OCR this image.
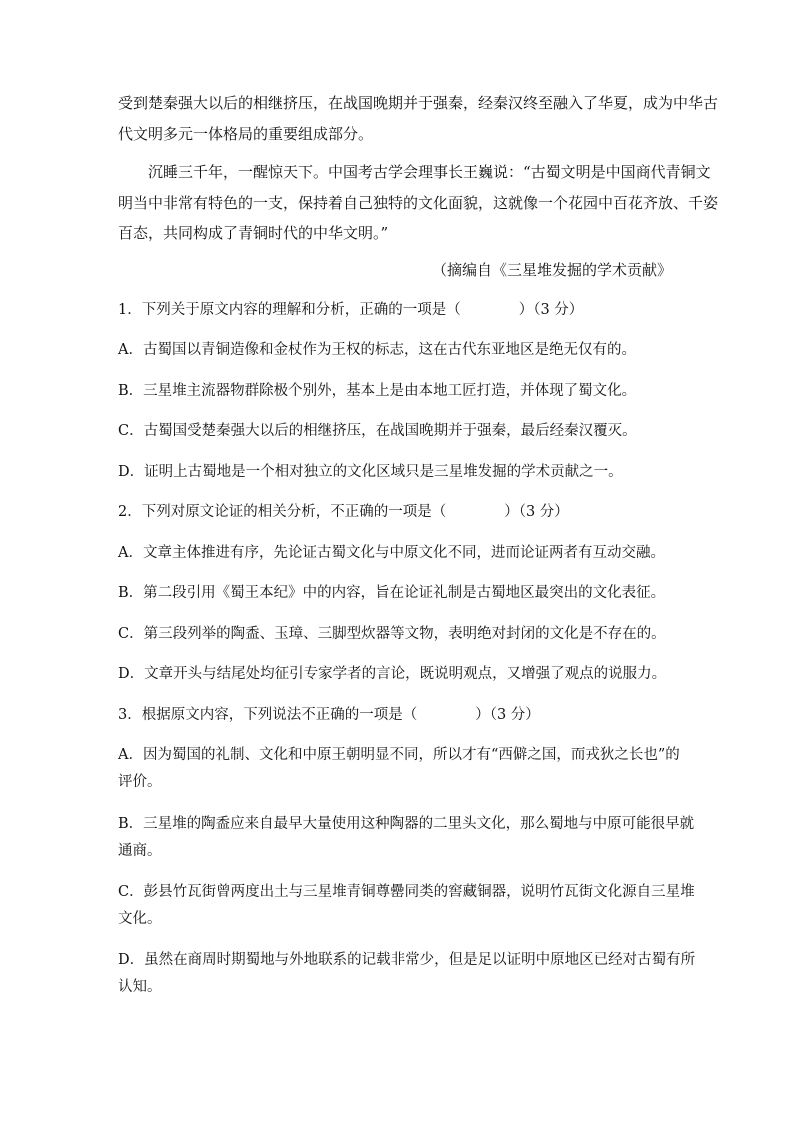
受到楚秦强大以后的相继挤压，在战国晚期并于强秦，经秦汉终至融入了华夏，成为中华古
代文明多元一体格局的重要组成部分。
沉睡三千年，一醒惊天下。中国考古学会理事长王巍说：“古蜀文明是中国商代青铜文
明当中非常有特色的一支，保持着自己独特的文化面貌，这就像一个花园中百花齐放、千姿
百态，共同构成了青铜时代的中华文明。”
（摘编自《三星堆发掘的学术贡献》
1．下列关于原文内容的理解和分析，正确的一项是（　　　　）（3 分）
A．古蜀国以青铜造像和金杖作为王权的标志，这在古代东亚地区是绝无仅有的。
B．三星堆主流器物群除极个别外，基本上是由本地工匠打造，并体现了蜀文化。
C．古蜀国受楚秦强大以后的相继挤压，在战国晚期并于强秦，最后经秦汉覆灭。
D．证明上古蜀地是一个相对独立的文化区域只是三星堆发掘的学术贡献之一。
2．下列对原文论证的相关分析，不正确的一项是（　　　　）（3 分）
A．文章主体推进有序，先论证古蜀文化与中原文化不同，进而论证两者有互动交融。
B．第二段引用《蜀王本纪》中的内容，旨在论证礼制是古蜀地区最突出的文化表征。
C．第三段列举的陶盉、玉璋、三脚型炊器等文物，表明绝对封闭的文化是不存在的。
D．文章开头与结尾处均征引专家学者的言论，既说明观点，又增强了观点的说服力。
3．根据原文内容，下列说法不正确的一项是（　　　　）（3 分）
A．因为蜀国的礼制、文化和中原王朝明显不同，所以才有“西僻之国，而戎狄之长也”的
评价。
B．三星堆的陶盉应来自最早大量使用这种陶器的二里头文化，那么蜀地与中原可能很早就
通商。
C．彭县竹瓦街曾两度出土与三星堆青铜尊罍同类的窖藏铜器，说明竹瓦街文化源自三星堆
文化。
D．虽然在商周时期蜀地与外地联系的记载非常少，但是足以证明中原地区已经对古蜀有所
认知。
